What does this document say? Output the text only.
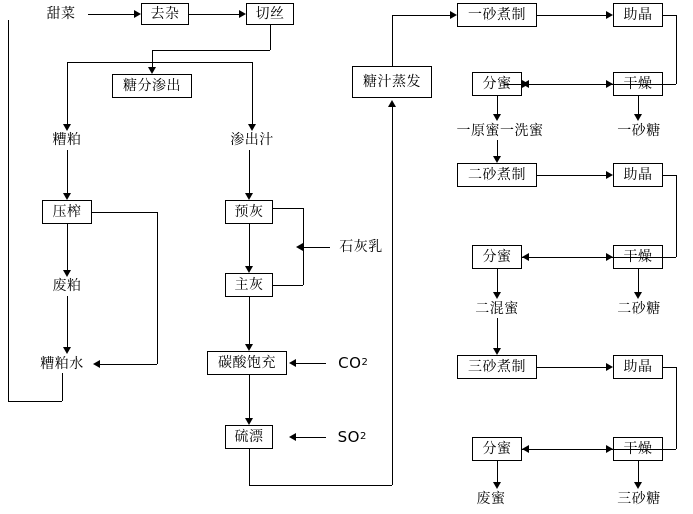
甜菜	去杂	切丝
糖分渗出
糟粕	渗出汁
压榨
废粕
糟粕水
预灰
主灰
石灰乳
碳酸饱充	CO 2
硫漂	SO 2
糖汁蒸发
一砂煮制	助晶
分蜜	干燥
一原蜜一洗蜜	一砂糖
二砂煮制	助晶
分蜜	干燥
二混蜜	二砂糖
三砂煮制	助晶
分蜜	干燥
废蜜	三砂糖
